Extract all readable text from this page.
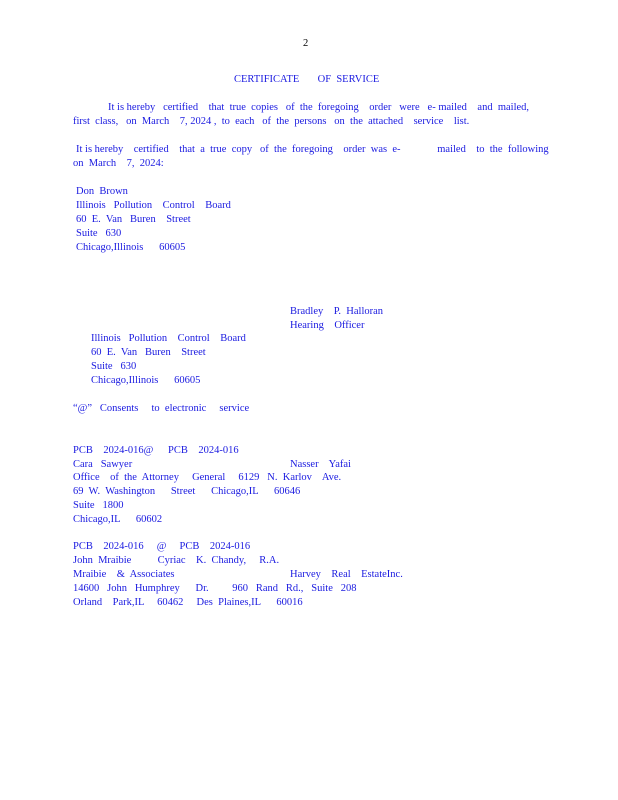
2
CERTIFICATE       OF  SERVICE
It is hereby   certified    that  true  copies   of  the  foregoing    order   were   e- mailed    and  mailed,
first  class,   on  March    7, 2024 ,  to  each   of  the  persons   on  the  attached    service    list.
It is hereby    certified    that  a  true  copy   of  the  foregoing    order  was  e-              mailed    to  the  following
on  March    7,  2024:
Don  Brown
Illinois   Pollution    Control    Board
60  E.  Van   Buren    Street
Suite   630
Chicago,Illinois      60605
Bradley    P.  Halloran
Hearing    Officer
Illinois   Pollution    Control    Board
60  E.  Van   Buren    Street
Suite   630
Chicago,Illinois      60605
“@”   Consents     to  electronic     service
PCB    2024-016@ PCB    2024-016
Cara   Sawyer	Nasser    Yafai
Office    of  the  Attorney     General     6129   N.  Karlov    Ave.
69  W.  Washington      Street      Chicago,IL      60646
Suite   1800
Chicago,IL      60602
PCB    2024-016     @     PCB    2024-016
John  Mraibie          Cyriac    K.  Chandy,     R.A.
Mraibie    &  Associates	Harvey    Real    EstateInc.
14600   John   Humphrey      Dr.         960   Rand   Rd.,   Suite   208
Orland    Park,IL     60462     Des  Plaines,IL      60016
